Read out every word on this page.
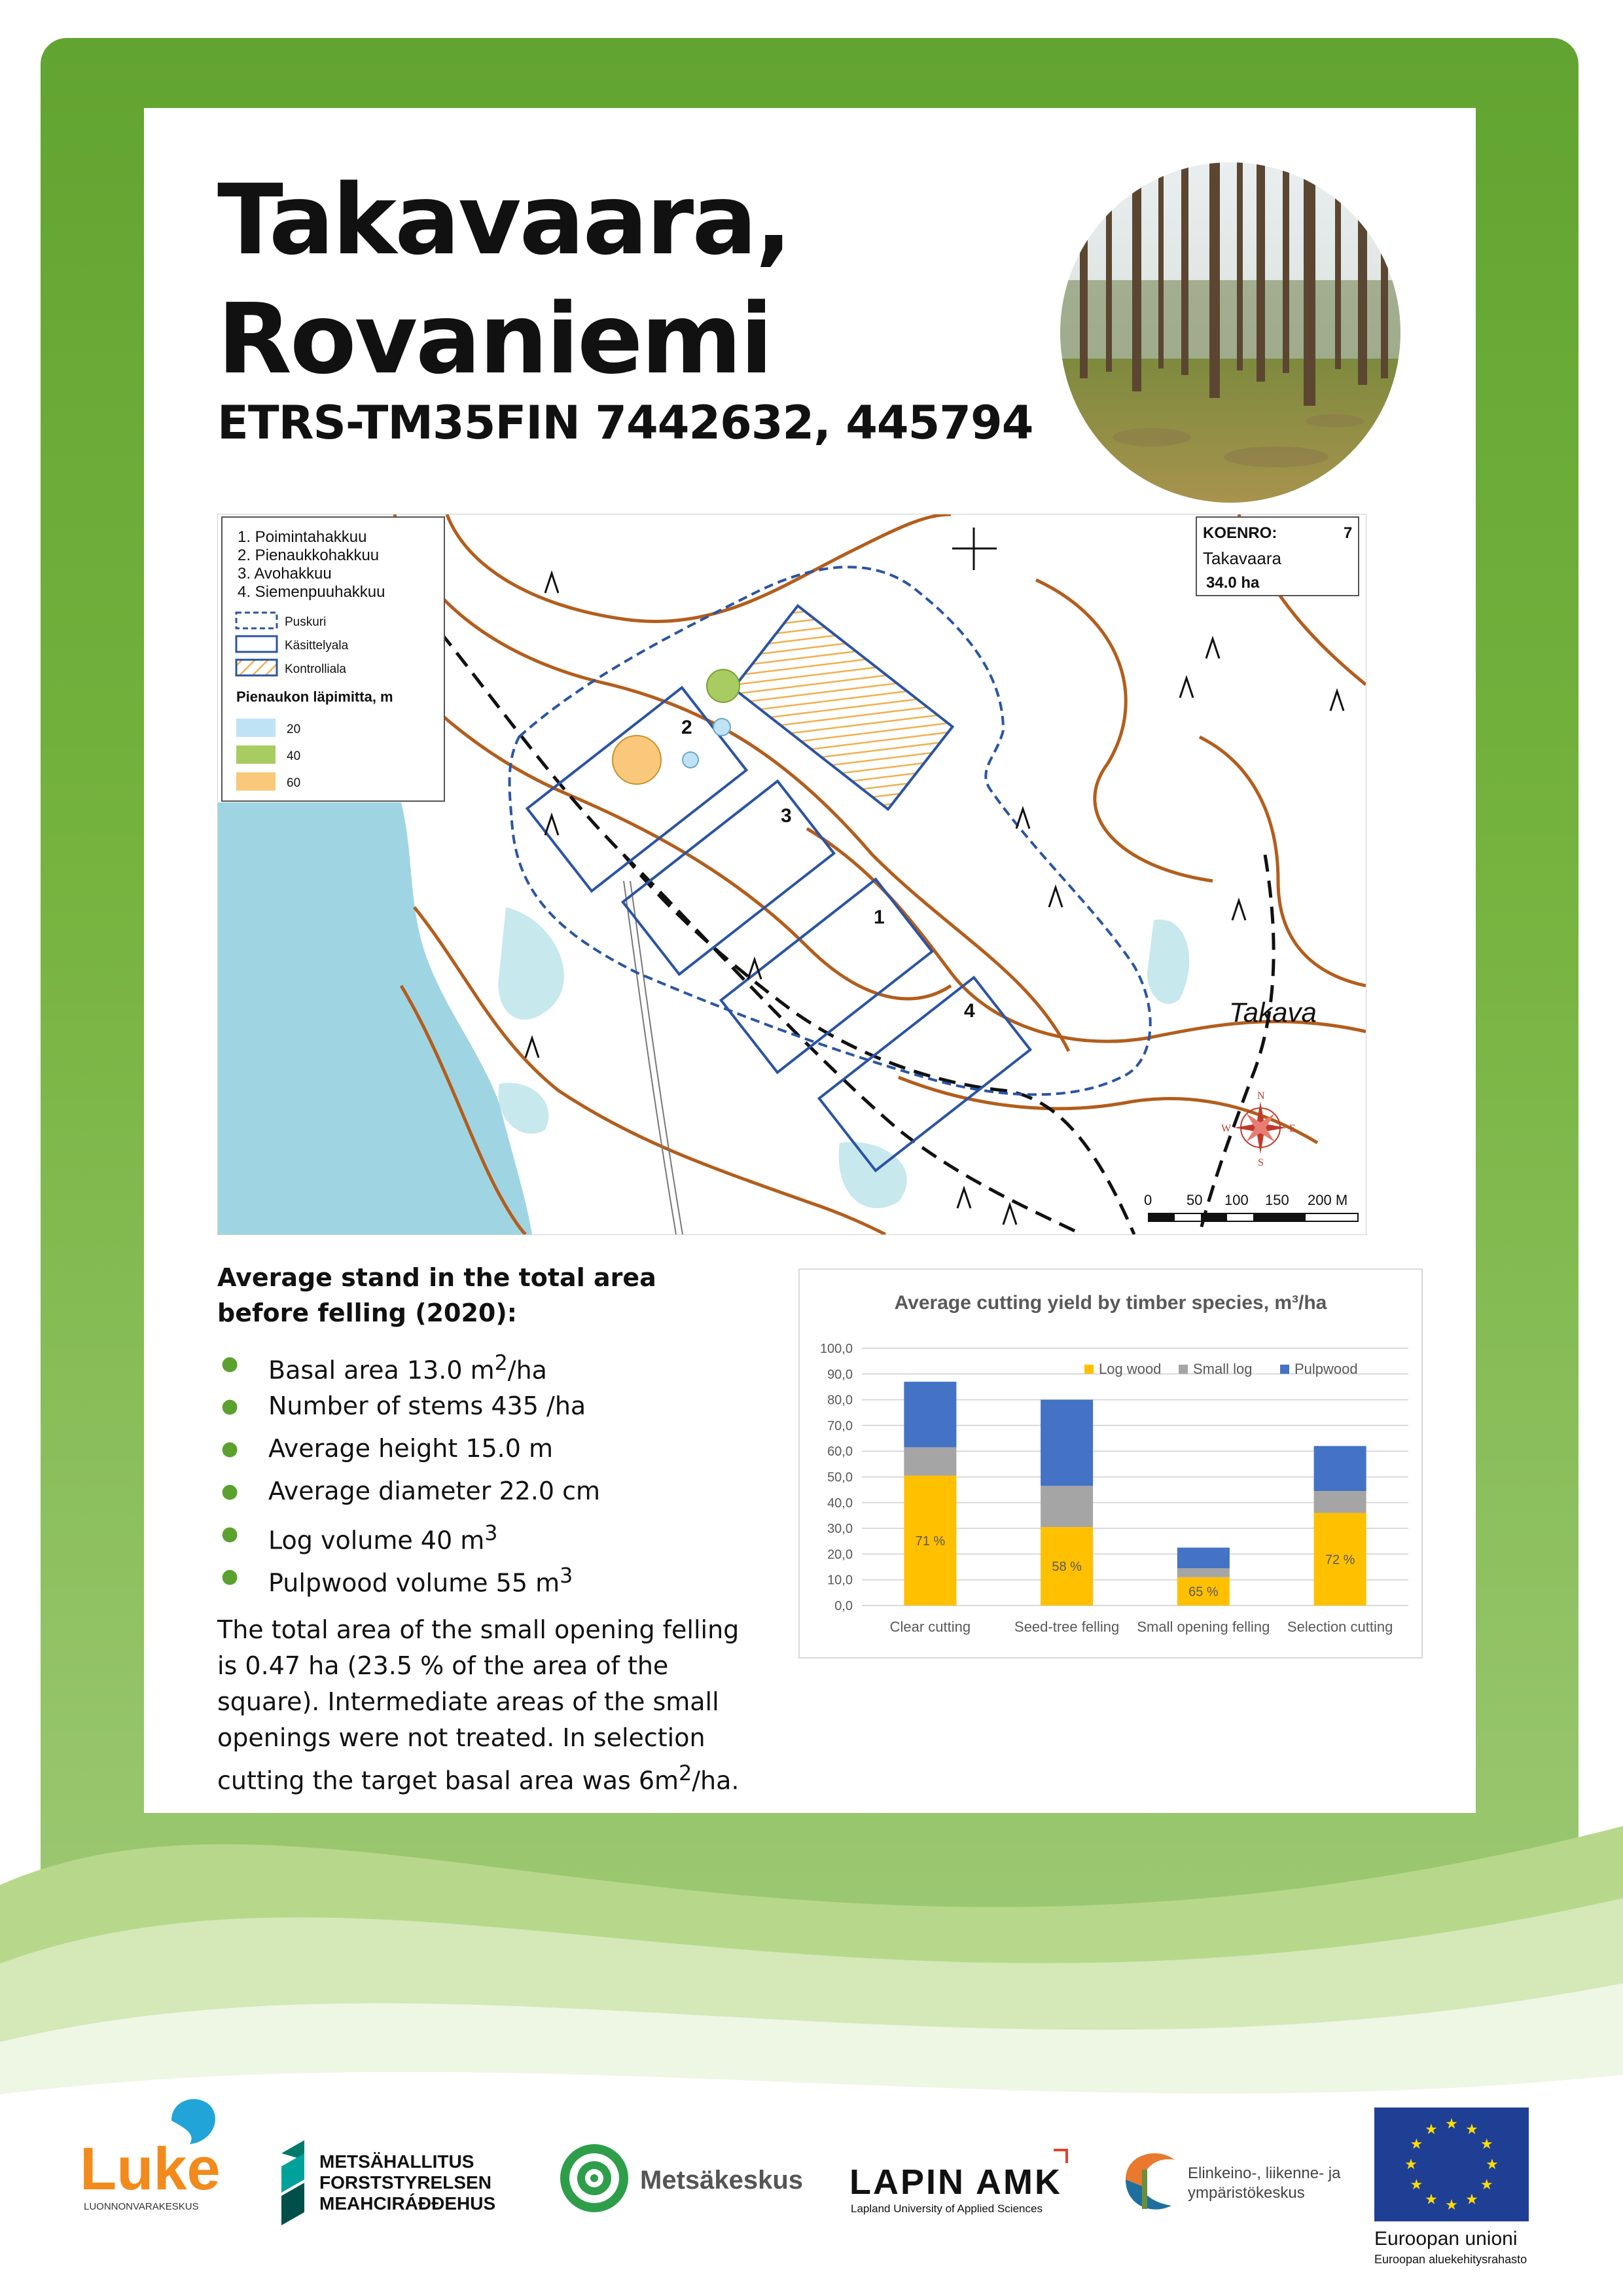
Takavaara,
Rovaniemi
ETRS-TM35FIN 7442632, 445794
2
3
1
4	Takava
N
S
E
W
0 50 100 150 200 M
KOENRO:	7
Takavaara
34.0 ha
1. Poimintahakkuu
2. Pienaukkohakkuu
3. Avohakkuu
4. Siemenpuuhakkuu
Puskuri
Käsittelyala
Kontrolliala
Pienaukon läpimitta, m
20
40
60
Average stand in the total area
before felling (2020):
● Basal area 13.0 $m^2/ha$
● Number of stems 435 /ha
● Average height 15.0 m
● Average diameter 22.0 cm
● Log volume 40 $m^3$
● Pulpwood volume 55 $m^3$

The total area of the small opening felling is 0.47 ha (23.5 % of the area of the square). Intermediate areas of the small openings were not treated. In selection cutting the target basal area was $6m^2/ha$.

Average cutting yield by timber species, m³/ha
0,0
10,0
20,0
30,0
40,0
50,0
60,0
70,0
80,0
90,0
100,0
71 %
Clear cutting
58 %
Seed-tree felling
65 %
Small opening felling
72 %
Selection cutting
Log wood Small log	Pulpwood
Luke
LUONNONVARAKESKUS
METSÄHALLITUS
FORSTSTYRELSEN
MEAHCIRÁÐÐEHUS
Metsäkeskus LAPIN AMK
Lapland University of Applied Sciences
Elinkeino-, liikenne- ja
ympäristökeskus
★
★
★
★
★
★
★
★
★ ★ ★
★
Euroopan unioni
Euroopan aluekehitysrahasto
